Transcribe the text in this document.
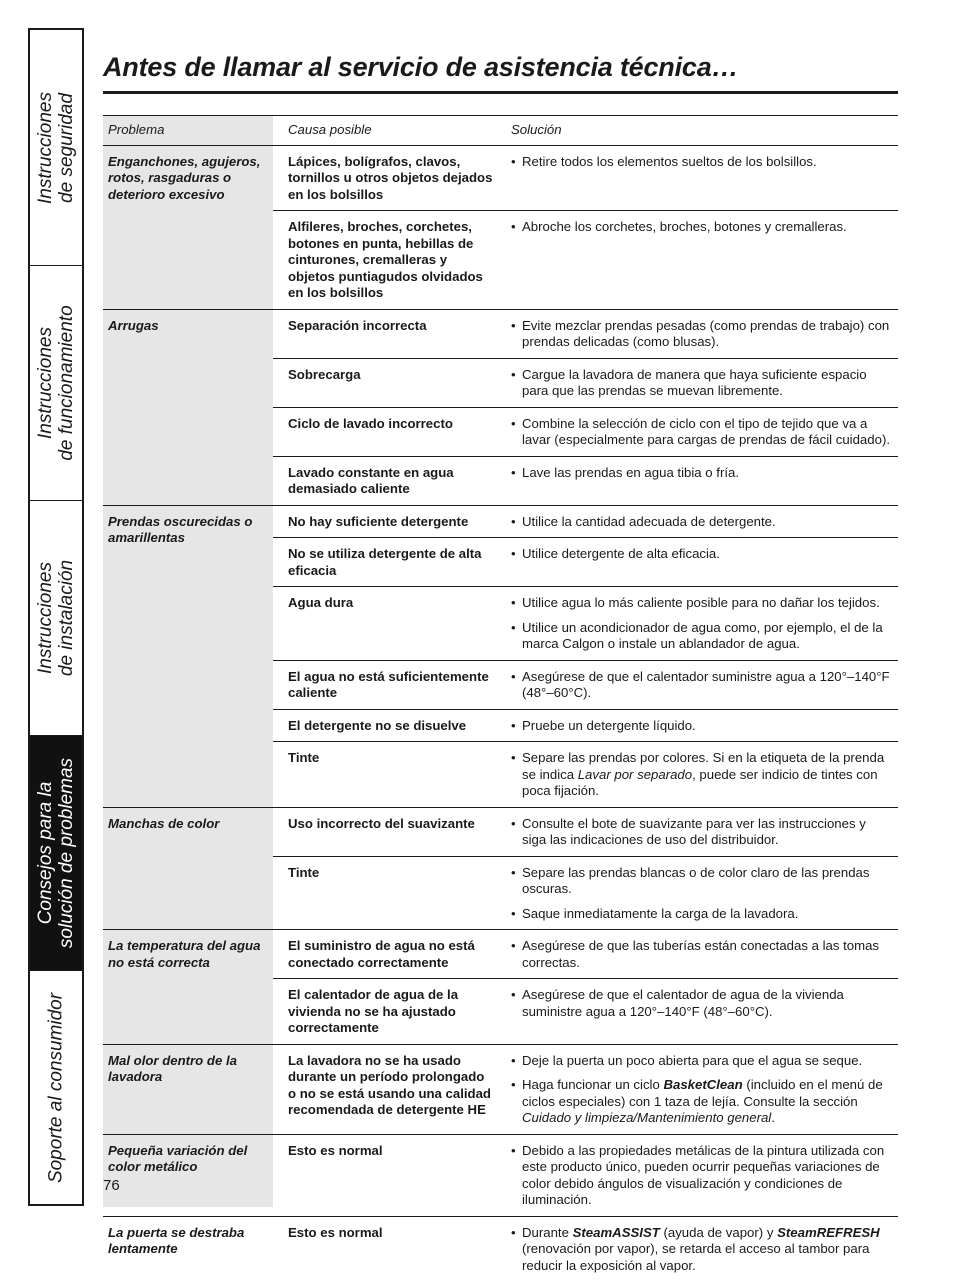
Instrucciones
de seguridad
Instrucciones
de funcionamiento
Instrucciones
de instalación
Consejos para la
solución de problemas
Soporte al consumidor
Antes de llamar al servicio de asistencia técnica…
Problema	Causa posible	Solución
Enganchones, agujeros, rotos, rasgaduras o deterioro excesivo	Lápices, bolígrafos, clavos, tornillos u otros objetos dejados en los bolsillos	• Retire todos los elementos sueltos de los bolsillos.

	Alfileres, broches, corchetes, botones en punta, hebillas de cinturones, cremalleras y objetos puntiagudos olvidados en los bolsillos	• Abroche los corchetes, broches, botones y cremalleras.

Arrugas	Separación incorrecta	• Evite mezclar prendas pesadas (como prendas de trabajo) con prendas delicadas (como blusas).

	Sobrecarga	• Cargue la lavadora de manera que haya suficiente espacio para que las prendas se muevan libremente.

	Ciclo de lavado incorrecto	• Combine la selección de ciclo con el tipo de tejido que va a lavar (especialmente para cargas de prendas de fácil cuidado).

	Lavado constante en agua demasiado caliente	• Lave las prendas en agua tibia o fría.

Prendas oscurecidas o amarillentas	No hay suficiente detergente	• Utilice la cantidad adecuada de detergente.

	No se utiliza detergente de alta eficacia	• Utilice detergente de alta eficacia.

	Agua dura	• Utilice agua lo más caliente posible para no dañar los tejidos.
• Utilice un acondicionador de agua como, por ejemplo, el de la marca Calgon o instale un ablandador de agua.

	El agua no está suficientemente caliente	• Asegúrese de que el calentador suministre agua a 120°–140°F (48°–60°C).

	El detergente no se disuelve	• Pruebe un detergente líquido.

	Tinte	• Separe las prendas por colores. Si en la etiqueta de la prenda se indica Lavar por separado, puede ser indicio de tintes con poca fijación.

Manchas de color	Uso incorrecto del suavizante	• Consulte el bote de suavizante para ver las instrucciones y siga las indicaciones de uso del distribuidor.

	Tinte	• Separe las prendas blancas o de color claro de las prendas oscuras.
• Saque inmediatamente la carga de la lavadora.

La temperatura del agua no está correcta	El suministro de agua no está conectado correctamente	• Asegúrese de que las tuberías están conectadas a las tomas correctas.

	El calentador de agua de la vivienda no se ha ajustado correctamente	• Asegúrese de que el calentador de agua de la vivienda suministre agua a 120°–140°F (48°–60°C).

Mal olor dentro de la lavadora	La lavadora no se ha usado durante un período prolongado o no se está usando una calidad recomendada de detergente HE	• Deje la puerta un poco abierta para que el agua se seque.
• Haga funcionar un ciclo BasketClean (incluido en el menú de ciclos especiales) con 1 taza de lejía. Consulte la sección Cuidado y limpieza/Mantenimiento general.

Pequeña variación del color metálico	Esto es normal	• Debido a las propiedades metálicas de la pintura utilizada con este producto único, pueden ocurrir pequeñas variaciones de color debido ángulos de visualización y condiciones de iluminación.

La puerta se destraba lentamente	Esto es normal	• Durante SteamASSIST (ayuda de vapor) y SteamREFRESH (renovación por vapor), se retarda el acceso al tambor para reducir la exposición al vapor.
76
